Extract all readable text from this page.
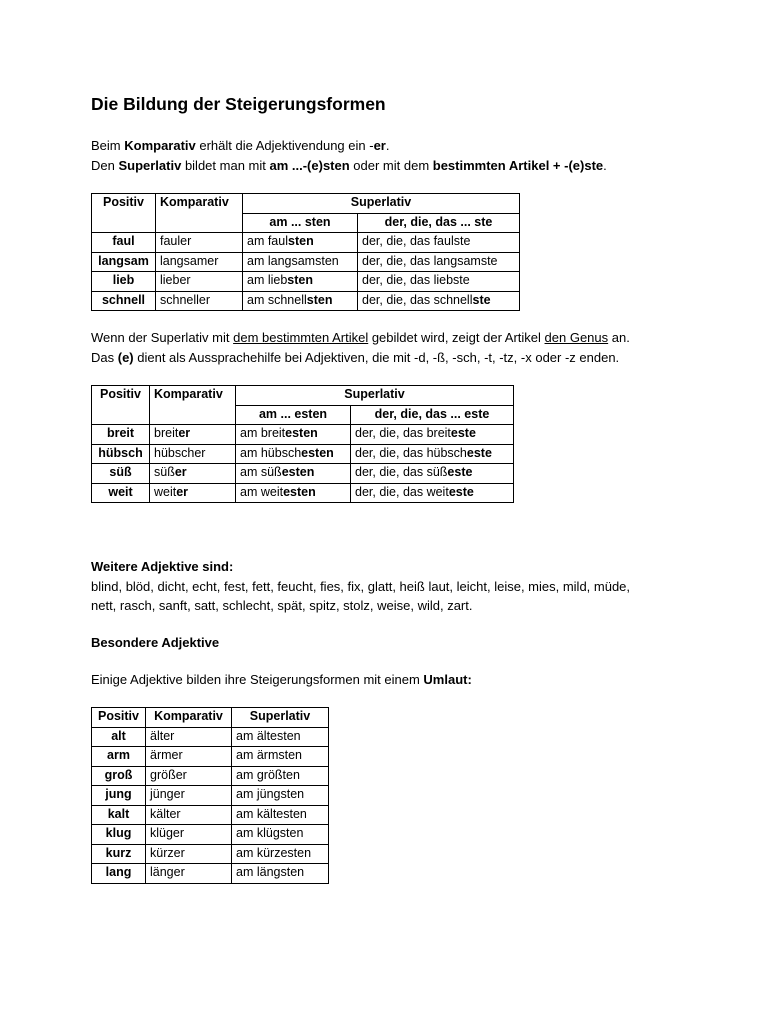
Die Bildung der Steigerungsformen

Beim Komparativ erhält die Adjektivendung ein -er.

Den Superlativ bildet man mit am ...-(e)sten oder mit dem bestimmten Artikel + -(e)ste.

Positiv	Komparativ	Superlativ	
		am ... sten	der, die, das ... ste
faul	fauler	am faulsten	der, die, das faulste
langsam	langsamer	am langsamsten	der, die, das langsamste
lieb	lieber	am liebsten	der, die, das liebste
schnell	schneller	am schnellsten	der, die, das schnellste

Wenn der Superlativ mit dem bestimmten Artikel gebildet wird, zeigt der Artikel den Genus an.

Das (e) dient als Aussprachehilfe bei Adjektiven, die mit -d, -ß, -sch, -t, -tz, -x oder -z enden.

Positiv	Komparativ	Superlativ	
		am ... esten	der, die, das ... este
breit	breiter	am breitesten	der, die, das breiteste
hübsch	hübscher	am hübschesten	der, die, das hübscheste
süß	süßer	am süßesten	der, die, das süßeste
weit	weiter	am weitesten	der, die, das weiteste

Weitere Adjektive sind:

blind, blöd, dicht, echt, fest, fett, feucht, fies, fix, glatt, heiß laut, leicht, leise, mies, mild, müde,

nett, rasch, sanft, satt, schlecht, spät, spitz, stolz, weise, wild, zart.

Besondere Adjektive

Einige Adjektive bilden ihre Steigerungsformen mit einem Umlaut:

Positiv	Komparativ	Superlativ
alt	älter	am ältesten
arm	ärmer	am ärmsten
groß	größer	am größten
jung	jünger	am jüngsten
kalt	kälter	am kältesten
klug	klüger	am klügsten
kurz	kürzer	am kürzesten
lang	länger	am längsten
